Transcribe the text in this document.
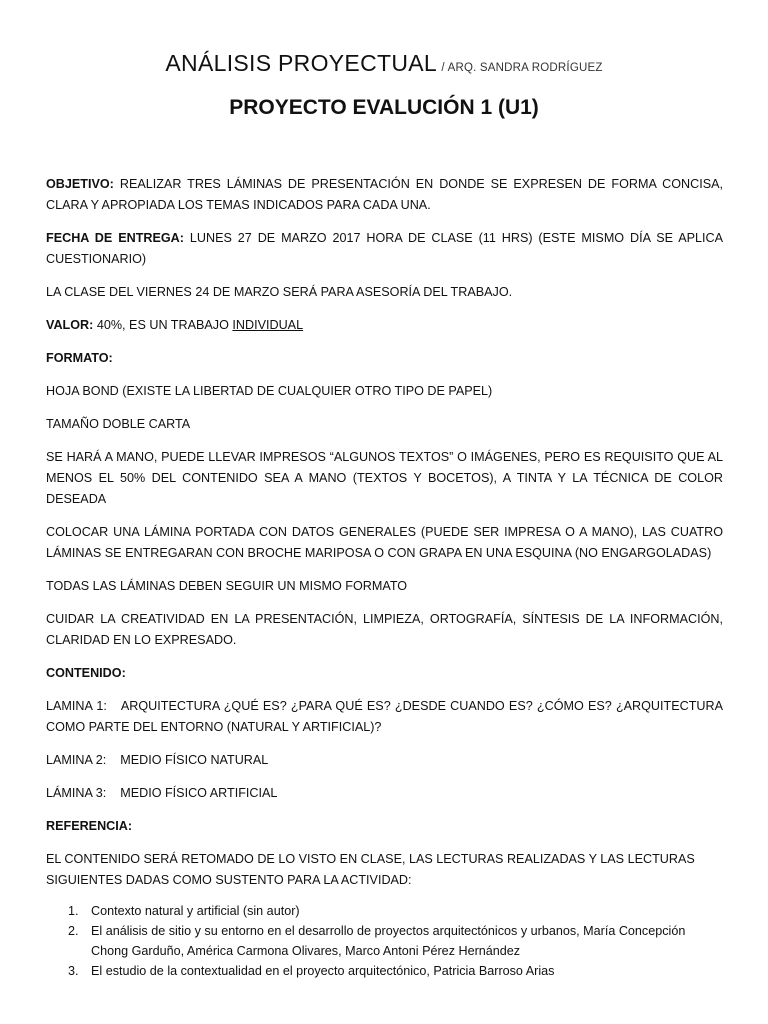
ANÁLISIS PROYECTUAL / ARQ. SANDRA RODRÍGUEZ
PROYECTO EVALUCIÓN 1 (U1)

OBJETIVO: REALIZAR TRES LÁMINAS DE PRESENTACIÓN EN DONDE SE EXPRESEN DE FORMA CONCISA, CLARA Y APROPIADA LOS TEMAS INDICADOS PARA CADA UNA.

FECHA DE ENTREGA: LUNES 27 DE MARZO 2017 HORA DE CLASE (11 HRS) (ESTE MISMO DÍA SE APLICA CUESTIONARIO)

LA CLASE DEL VIERNES 24 DE MARZO SERÁ PARA ASESORÍA DEL TRABAJO.

VALOR: 40%, ES UN TRABAJO INDIVIDUAL

FORMATO:

HOJA BOND (EXISTE LA LIBERTAD DE CUALQUIER OTRO TIPO DE PAPEL)

TAMAÑO DOBLE CARTA

SE HARÁ A MANO, PUEDE LLEVAR IMPRESOS “ALGUNOS TEXTOS” O IMÁGENES, PERO ES REQUISITO QUE AL MENOS EL 50% DEL CONTENIDO SEA A MANO (TEXTOS Y BOCETOS), A TINTA Y LA TÉCNICA DE COLOR DESEADA

COLOCAR UNA LÁMINA PORTADA CON DATOS GENERALES (PUEDE SER IMPRESA O A MANO), LAS CUATRO LÁMINAS SE ENTREGARAN CON BROCHE MARIPOSA O CON GRAPA EN UNA ESQUINA (NO ENGARGOLADAS)

TODAS LAS LÁMINAS DEBEN SEGUIR UN MISMO FORMATO

CUIDAR LA CREATIVIDAD EN LA PRESENTACIÓN, LIMPIEZA, ORTOGRAFÍA, SÍNTESIS DE LA INFORMACIÓN, CLARIDAD EN LO EXPRESADO.

CONTENIDO:

LAMINA 1: ARQUITECTURA ¿QUÉ ES? ¿PARA QUÉ ES? ¿DESDE CUANDO ES? ¿CÓMO ES? ¿ARQUITECTURA COMO PARTE DEL ENTORNO (NATURAL Y ARTIFICIAL)?

LAMINA 2: MEDIO FÍSICO NATURAL

LÁMINA 3: MEDIO FÍSICO ARTIFICIAL

REFERENCIA:

EL CONTENIDO SERÁ RETOMADO DE LO VISTO EN CLASE, LAS LECTURAS REALIZADAS Y LAS LECTURAS SIGUIENTES DADAS COMO SUSTENTO PARA LA ACTIVIDAD:

1. Contexto natural y artificial (sin autor)
2. El análisis de sitio y su entorno en el desarrollo de proyectos arquitectónicos y urbanos, María Concepción Chong Garduño, América Carmona Olivares, Marco Antoni Pérez Hernández
3. El estudio de la contextualidad en el proyecto arquitectónico, Patricia Barroso Arias
